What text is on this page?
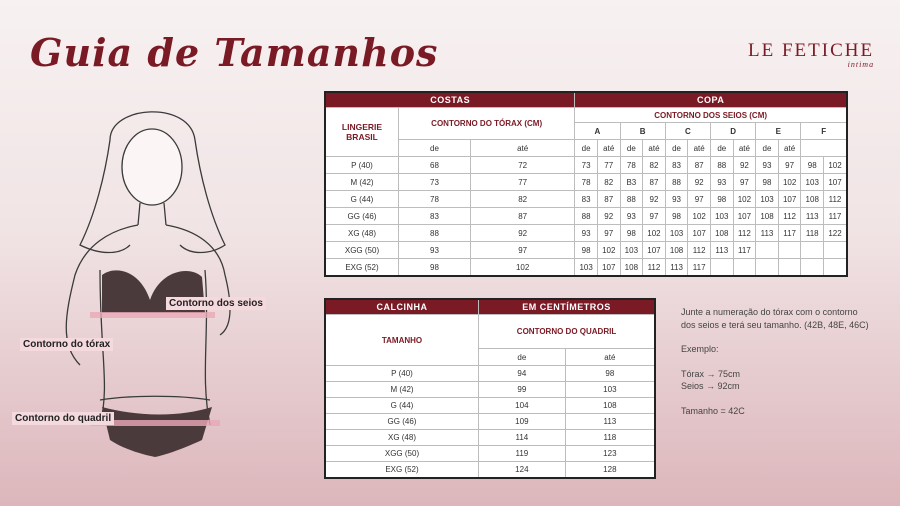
Guia de Tamanhos	LE FETICHE
intima
Contorno dos seios
Contorno do tórax
Contorno do quadril
COSTAS			COPA											
LINGERIE BRASIL	CONTORNO DO TÓRAX (CM)		CONTORNO DOS SEIOS (CM)											
			A		B		C		D		E		F	
	de	até	de	até	de	até	de	até	de	até	de	até		
P (40)	68	72	73	77	78	82	83	87	88	92	93	97	98	102
M (42)	73	77	78	82	B3	87	88	92	93	97	98	102	103	107
G (44)	78	82	83	87	88	92	93	97	98	102	103	107	108	112
GG (46)	83	87	88	92	93	97	98	102	103	107	108	112	113	117
XG (48)	88	92	93	97	98	102	103	107	108	112	113	117	118	122
XGG (50)	93	97	98	102	103	107	108	112	113	117				
EXG (52)	98	102	103	107	108	112	113	117						
CALCINHA	EM CENTÍMETROS	
TAMANHO	CONTORNO DO QUADRIL	
	de	até
P (40)	94	98
M (42)	99	103
G (44)	104	108
GG (46)	109	113
XG (48)	114	118
XGG (50)	119	123
EXG (52)	124	128

Junte a numeração do tórax com o contorno dos seios e terá seu tamanho. (42B, 48E, 46C)

Exemplo:

Tórax → 75cm

Seios → 92cm

Tamanho = 42C
